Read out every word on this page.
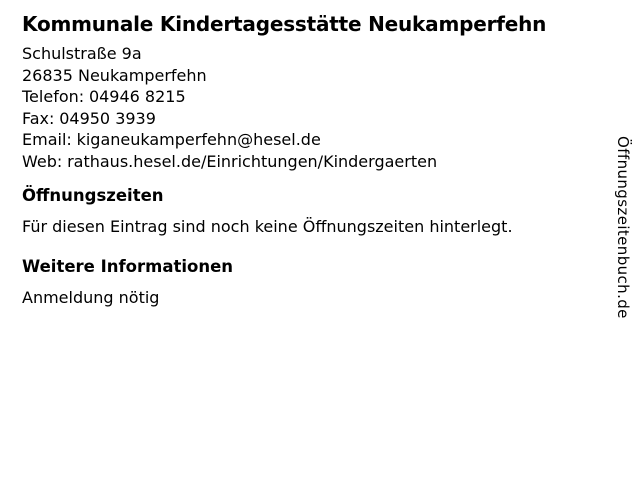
Kommunale Kindertagesstätte Neukamperfehn
Schulstraße 9a
26835 Neukamperfehn
Telefon: 04946 8215
Fax: 04950 3939
Email: kiganeukamperfehn@hesel.de
Web: rathaus.hesel.de/Einrichtungen/Kindergaerten
Öffnungszeiten

Für diesen Eintrag sind noch keine Öffnungszeiten hinterlegt.

Weitere Informationen

Anmeldung nötig	Öffnungszeitenbuch.de
